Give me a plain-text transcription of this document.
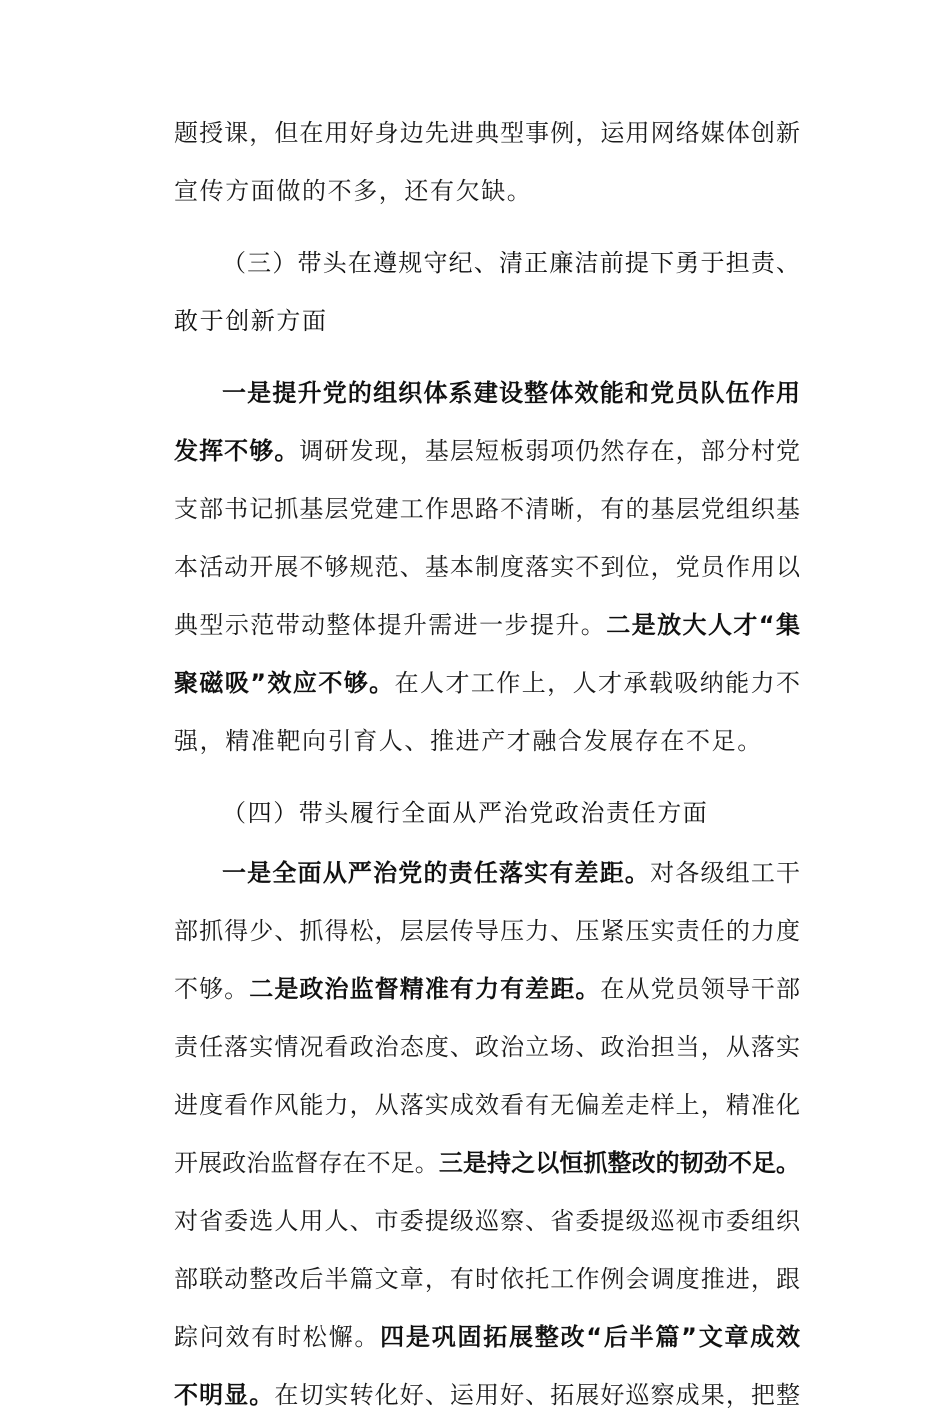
题授课，但在用好身边先进典型事例，运用网络媒体创新
宣传方面做的不多，还有欠缺。
（三）带头在遵规守纪、清正廉洁前提下勇于担责、
敢于创新方面
一是提升党的组织体系建设整体效能和党员队伍作用
发挥不够。调研发现，基层短板弱项仍然存在，部分村党
支部书记抓基层党建工作思路不清晰，有的基层党组织基
本活动开展不够规范、基本制度落实不到位，党员作用以
典型示范带动整体提升需进一步提升。二是放大人才“集
聚磁吸”效应不够。在人才工作上，人才承载吸纳能力不
强，精准靶向引育人、推进产才融合发展存在不足。
（四）带头履行全面从严治党政治责任方面
一是全面从严治党的责任落实有差距。对各级组工干
部抓得少、抓得松，层层传导压力、压紧压实责任的力度
不够。二是政治监督精准有力有差距。在从党员领导干部
责任落实情况看政治态度、政治立场、政治担当，从落实
进度看作风能力，从落实成效看有无偏差走样上，精准化
开展政治监督存在不足。三是持之以恒抓整改的韧劲不足。
对省委选人用人、市委提级巡察、省委提级巡视市委组织
部联动整改后半篇文章，有时依托工作例会调度推进，跟
踪问效有时松懈。四是巩固拓展整改“后半篇”文章成效
不明显。在切实转化好、运用好、拓展好巡察成果，把整
